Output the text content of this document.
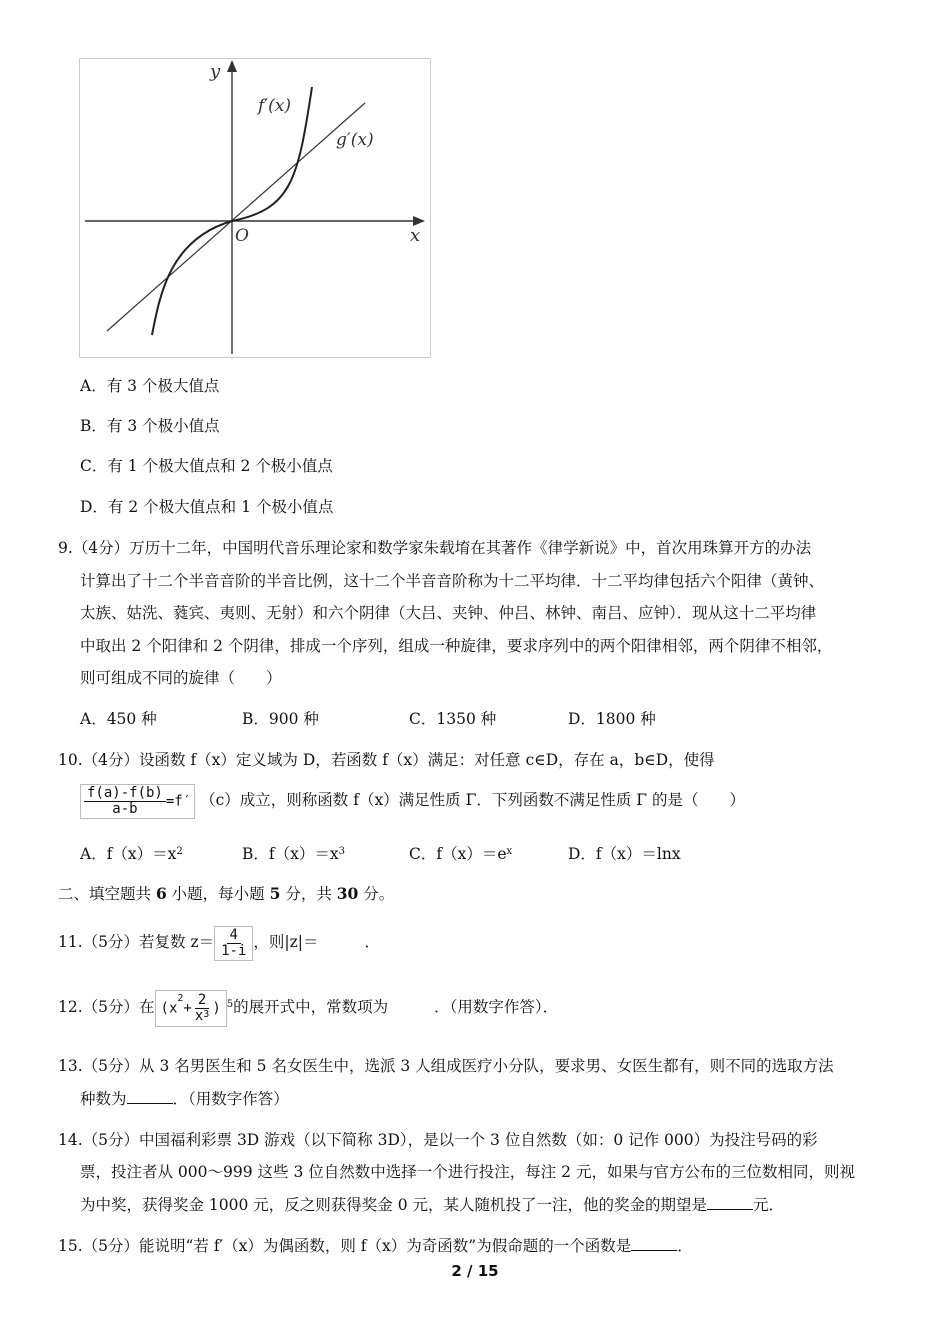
y
x
O
f′(x)
g′(x)
A．有 3 个极大值点
B．有 3 个极小值点
C．有 1 个极大值点和 2 个极小值点
D．有 2 个极大值点和 1 个极小值点
9.（4分）万历十二年，中国明代音乐理论家和数学家朱载堉在其著作《律学新说》中，首次用珠算开方的办法
计算出了十二个半音音阶的半音比例，这十二个半音音阶称为十二平均律．十二平均律包括六个阳律（黄钟、
太族、姑洗、蕤宾、夷则、无射）和六个阴律（大吕、夹钟、仲吕、林钟、南吕、应钟）．现从这十二平均律
中取出 2 个阳律和 2 个阴律，排成一个序列，组成一种旋律，要求序列中的两个阳律相邻，两个阴律不相邻，
则可组成不同的旋律（　　）
A．450 种	B．900 种	C．1350 种	D．1800 种
10.（4分）设函数 f（x）定义域为 D，若函数 f（x）满足：对任意 c∈D，存在 a，b∈D，使得
$\frac{f(a)-f(b)}{a-b} =f'$ （c）成立，则称函数 f（x）满足性质 Γ．下列函数不满足性质 Γ 的是（　　）
A．$f(x)=x^2$	B．$f(x)=x^3$	C．$f(x)=e^x$	D．f（x）＝lnx
二、填空题共 6 小题，每小题 5 分，共 30 分。
11.（5分）若复数 $z= \frac{4}{1-i}$ ，则|z|＝	．
12.（5分）在 ($x^2+ \frac{2}{x^3}$ ) $^5$的展开式中，常数项为	．（用数字作答）．
13.（5分）从 3 名男医生和 5 名女医生中，选派 3 人组成医疗小分队，要求男、女医生都有，则不同的选取方法
种数为	．（用数字作答）
14.（5分）中国福利彩票 3D 游戏（以下简称 3D），是以一个 3 位自然数（如：0 记作 000）为投注号码的彩
票，投注者从 000～999 这些 3 位自然数中选择一个进行投注，每注 2 元，如果与官方公布的三位数相同，则视
为中奖，获得奖金 1000 元，反之则获得奖金 0 元，某人随机投了一注，他的奖金的期望是	元．
15.（5分）能说明“若 f′（x）为偶函数，则 f（x）为奇函数”为假命题的一个函数是	．
2 / 15
